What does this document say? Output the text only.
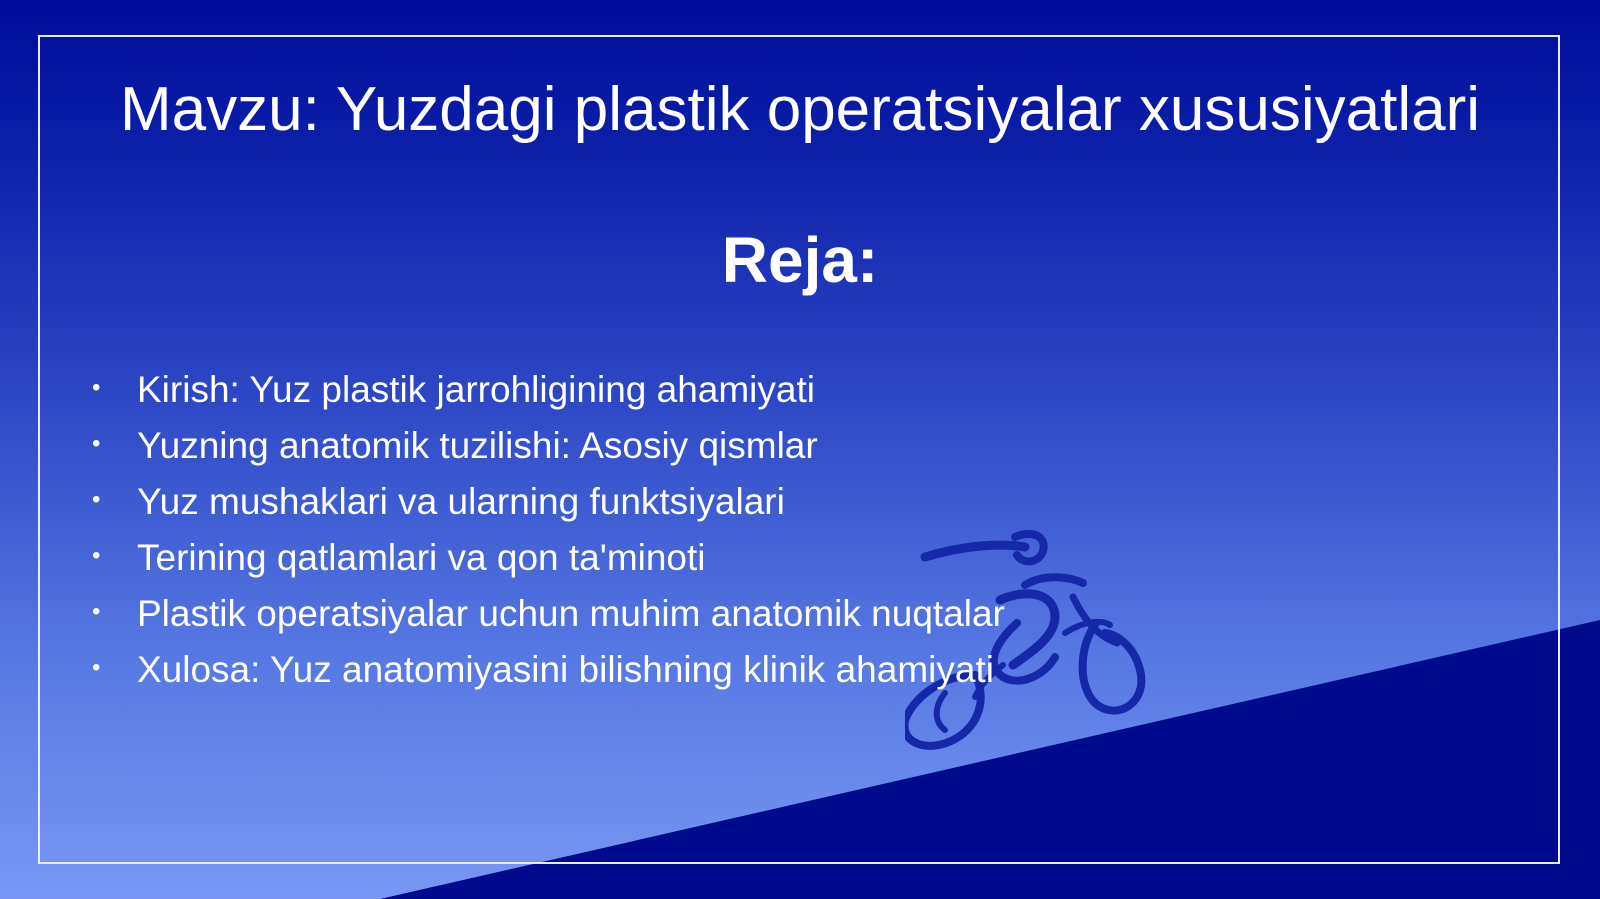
Mavzu: Yuzdagi plastik operatsiyalar xususiyatlari
Reja:
• Kirish: Yuz plastik jarrohligining ahamiyati
• Yuzning anatomik tuzilishi: Asosiy qismlar
• Yuz mushaklari va ularning funktsiyalari
• Terining qatlamlari va qon ta'minoti
• Plastik operatsiyalar uchun muhim anatomik nuqtalar
• Xulosa: Yuz anatomiyasini bilishning klinik ahamiyati
